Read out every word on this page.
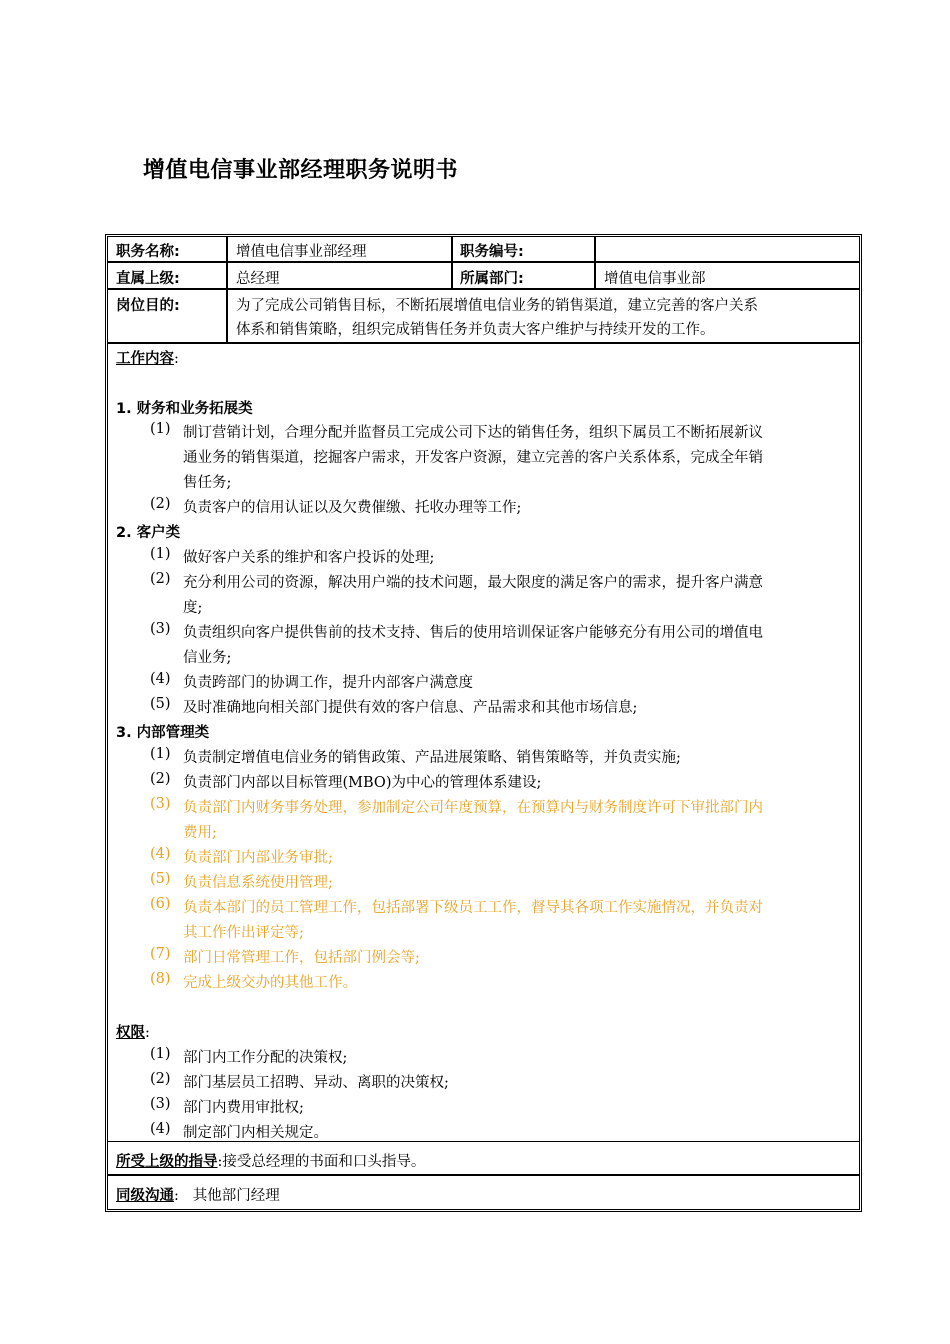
增值电信事业部经理职务说明书
职务名称:	增值电信事业部经理	职务编号:
直属上级:	总经理	所属部门:	增值电信事业部
岗位目的:	为了完成公司销售目标，不断拓展增值电信业务的销售渠道，建立完善的客户关系
体系和销售策略，组织完成销售任务并负责大客户维护与持续开发的工作。
工作内容:
1. 财务和业务拓展类
(1) 制订营销计划，合理分配并监督员工完成公司下达的销售任务，组织下属员工不断拓展新议
通业务的销售渠道，挖掘客户需求，开发客户资源，建立完善的客户关系体系，完成全年销
售任务;
(2) 负责客户的信用认证以及欠费催缴、托收办理等工作;
2. 客户类
(1) 做好客户关系的维护和客户投诉的处理;
(2) 充分利用公司的资源，解决用户端的技术问题，最大限度的满足客户的需求，提升客户满意
度;
(3) 负责组织向客户提供售前的技术支持、售后的使用培训保证客户能够充分有用公司的增值电
信业务;
(4) 负责跨部门的协调工作，提升内部客户满意度
(5) 及时准确地向相关部门提供有效的客户信息、产品需求和其他市场信息;
3. 内部管理类
(1) 负责制定增值电信业务的销售政策、产品进展策略、销售策略等，并负责实施;
(2) 负责部门内部以目标管理(MBO)为中心的管理体系建设;
(3) 负责部门内财务事务处理，参加制定公司年度预算，在预算内与财务制度许可下审批部门内
费用;
(4) 负责部门内部业务审批;
(5) 负责信息系统使用管理;
(6) 负责本部门的员工管理工作，包括部署下级员工工作，督导其各项工作实施情况，并负责对
其工作作出评定等;
(7) 部门日常管理工作，包括部门例会等;
(8) 完成上级交办的其他工作。
权限:
(1) 部门内工作分配的决策权;
(2) 部门基层员工招聘、异动、离职的决策权;
(3) 部门内费用审批权;
(4) 制定部门内相关规定。
所受上级的指导:接受总经理的书面和口头指导。
同级沟通:   其他部门经理
